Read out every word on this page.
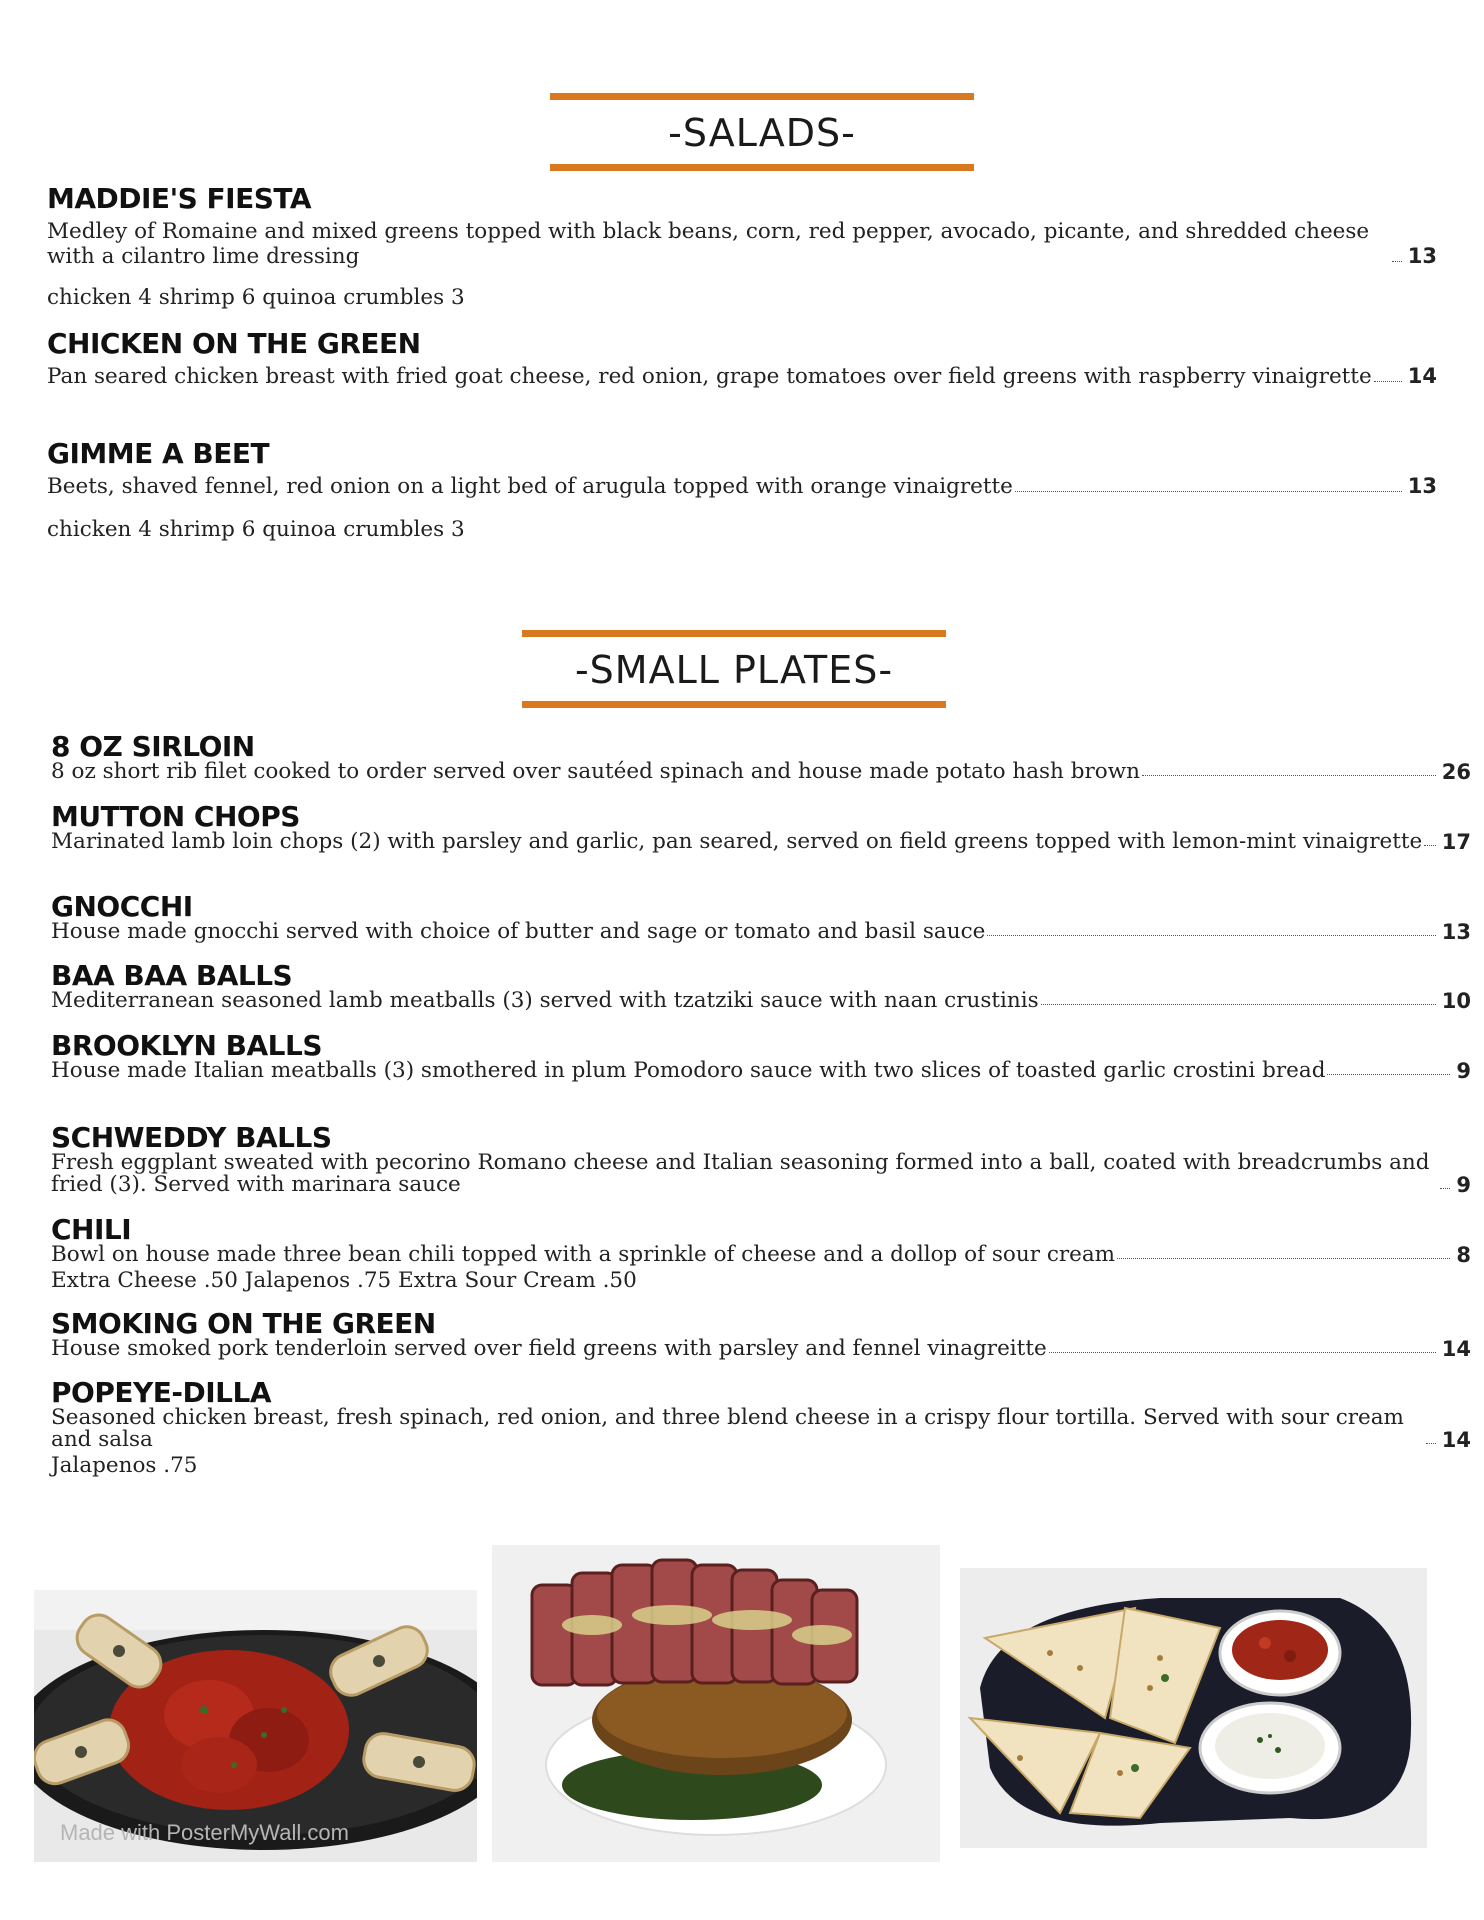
-SALADS-
MADDIE'S FIESTA
Medley of Romaine and mixed greens topped with black beans, corn, red pepper, avocado, picante, and shredded cheese with a cilantro lime dressing	13
chicken 4 shrimp 6 quinoa crumbles 3
CHICKEN ON THE GREEN
Pan seared chicken breast with fried goat cheese, red onion, grape tomatoes over field greens with raspberry vinaigrette 14
GIMME A BEET
Beets, shaved fennel, red onion on a light bed of arugula topped with orange vinaigrette	13
chicken 4 shrimp 6 quinoa crumbles 3
-SMALL PLATES-
8 OZ SIRLOIN
8 oz short rib filet cooked to order served over sautéed spinach and house made potato hash brown	26
MUTTON CHOPS
Marinated lamb loin chops (2) with parsley and garlic, pan seared, served on field greens topped with lemon-mint vinaigrette 17
GNOCCHI
House made gnocchi served with choice of butter and sage or tomato and basil sauce	13
BAA BAA BALLS
Mediterranean seasoned lamb meatballs (3) served with tzatziki sauce with naan crustinis	10
BROOKLYN BALLS
House made Italian meatballs (3) smothered in plum Pomodoro sauce with two slices of toasted garlic crostini bread	9
SCHWEDDY BALLS
Fresh eggplant sweated with pecorino Romano cheese and Italian seasoning formed into a ball, coated with breadcrumbs and fried (3). Served with marinara sauce	9
CHILI
Bowl on house made three bean chili topped with a sprinkle of cheese and a dollop of sour cream	8
Extra Cheese .50 Jalapenos .75 Extra Sour Cream .50
SMOKING ON THE GREEN
House smoked pork tenderloin served over field greens with parsley and fennel vinagreitte	14
POPEYE-DILLA
Seasoned chicken breast, fresh spinach, red onion, and three blend cheese in a crispy flour tortilla. Served with sour cream and salsa	14
Jalapenos .75
Made with PosterMyWall.com
